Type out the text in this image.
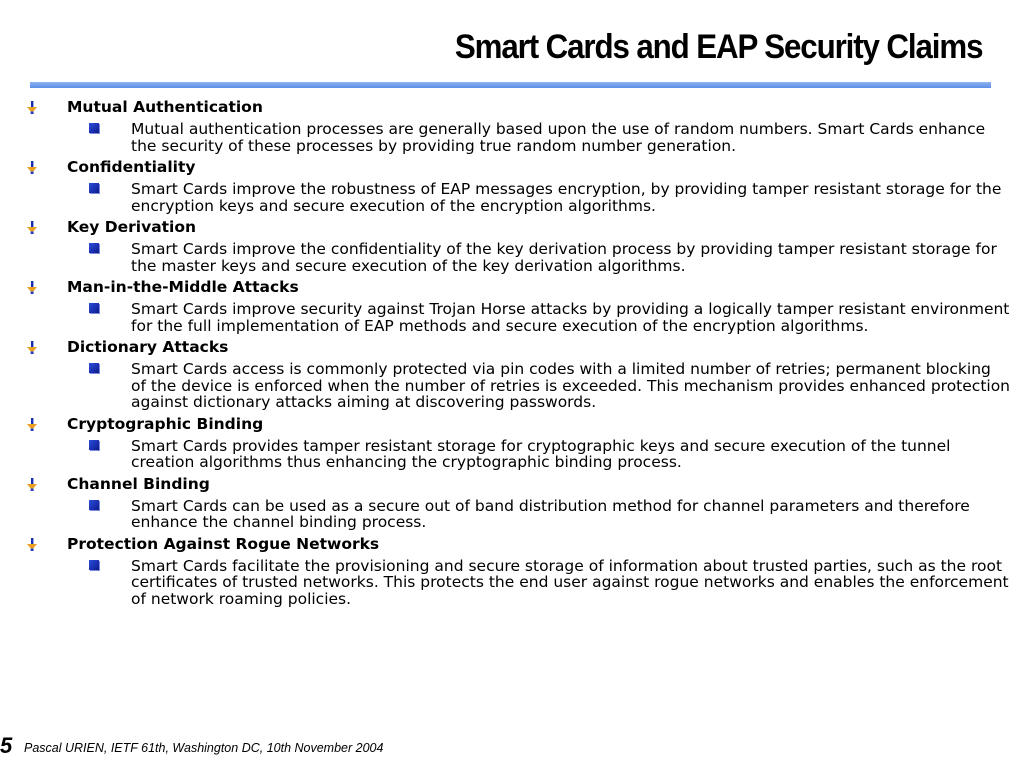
Smart Cards and EAP Security Claims
Mutual Authentication
Mutual authentication processes are generally based upon the use of random numbers. Smart Cards enhance the security of these processes by providing true random number generation.
Confidentiality
Smart Cards improve the robustness of EAP messages encryption, by providing tamper resistant storage for the encryption keys and secure execution of the encryption algorithms.
Key Derivation
Smart Cards improve the confidentiality of the key derivation process by providing tamper resistant storage for the master keys and secure execution of the key derivation algorithms.
Man-in-the-Middle Attacks
Smart Cards improve security against Trojan Horse attacks by providing a logically tamper resistant environment for the full implementation of EAP methods and secure execution of the encryption algorithms.
Dictionary Attacks
Smart Cards access is commonly protected via pin codes with a limited number of retries; permanent blocking of the device is enforced when the number of retries is exceeded. This mechanism provides enhanced protection against dictionary attacks aiming at discovering passwords.
Cryptographic Binding
Smart Cards provides tamper resistant storage for cryptographic keys and secure execution of the tunnel creation algorithms thus enhancing the cryptographic binding process.
Channel Binding
Smart Cards can be used as a secure out of band distribution method for channel parameters and therefore enhance the channel binding process.
Protection Against Rogue Networks
Smart Cards facilitate the provisioning and secure storage of information about trusted parties, such as the root certificates of trusted networks. This protects the end user against rogue networks and enables the enforcement of network roaming policies.
5 Pascal URIEN, IETF 61th, Washington DC, 10th November 2004
